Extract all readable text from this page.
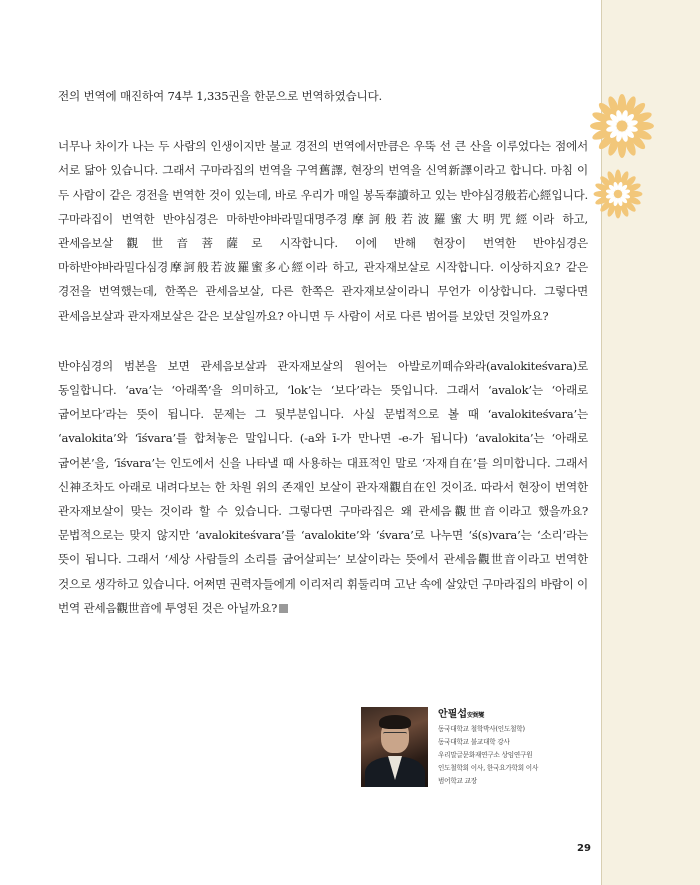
전의 번역에 매진하여 74부 1,335권을 한문으로 번역하였습니다.

너무나 차이가 나는 두 사람의 인생이지만 불교 경전의 번역에서만큼은 우뚝 선 큰 산을 이루었다는 점에서 서로 닮아 있습니다. 그래서 구마라집의 번역을 구역舊譯, 현장의 번역을 신역新譯이라고 합니다. 마침 이 두 사람이 같은 경전을 번역한 것이 있는데, 바로 우리가 매일 봉독奉讀하고 있는 반야심경般若心經입니다. 구마라집이 번역한 반야심경은 마하반야바라밀대명주경摩訶般若波羅蜜大明咒經이라 하고, 관세음보살觀世音菩薩로 시작합니다. 이에 반해 현장이 번역한 반야심경은 마하반야바라밀다심경摩訶般若波羅蜜多心經이라 하고, 관자재보살로 시작합니다. 이상하지요? 같은 경전을 번역했는데, 한쪽은 관세음보살, 다른 한쪽은 관자재보살이라니 무언가 이상합니다. 그렇다면 관세음보살과 관자재보살은 같은 보살일까요? 아니면 두 사람이 서로 다른 범어를 보았던 것일까요?

반야심경의 범본을 보면 관세음보살과 관자재보살의 원어는 아발로끼떼슈와라(avalokiteśvara)로 동일합니다. ‘ava’는 ‘아래쪽’을 의미하고, ‘lok’는 ‘보다’라는 뜻입니다. 그래서 ‘avalok’는 ‘아래로 굽어보다’라는 뜻이 됩니다. 문제는 그 뒷부분입니다. 사실 문법적으로 볼 때 ‘avalokiteśvara’는 ‘avalokita’와 ‘īśvara’를 합쳐놓은 말입니다. (-a와 ī-가 만나면 -e-가 됩니다) ‘avalokita’는 ‘아래로 굽어본’을, ‘īśvara’는 인도에서 신을 나타낼 때 사용하는 대표적인 말로 ‘자재自在’를 의미합니다. 그래서 신神조차도 아래로 내려다보는 한 차원 위의 존재인 보살이 관자재觀自在인 것이죠. 따라서 현장이 번역한 관자재보살이 맞는 것이라 할 수 있습니다. 그렇다면 구마라집은 왜 관세음觀世音이라고 했을까요? 문법적으로는 맞지 않지만 ‘avalokiteśvara’를 ‘avalokite’와 ‘śvara’로 나누면 ‘ś(s)vara’는 ‘소리’라는 뜻이 됩니다. 그래서 ‘세상 사람들의 소리를 굽어살피는’ 보살이라는 뜻에서 관세음觀世音이라고 번역한 것으로 생각하고 있습니다. 어쩌면 권력자들에게 이리저리 휘둘리며 고난 속에 살았던 구마라집의 바람이 이 번역 관세음觀世音에 투영된 것은 아닐까요?

안필섭安弼燮
동국대학교 철학박사(인도철학)
동국대학교 불교대학 강사
우리말글문화재연구소 상임연구원
인도철학회 이사, 한국요가학회 이사
범어학교 교장
29
